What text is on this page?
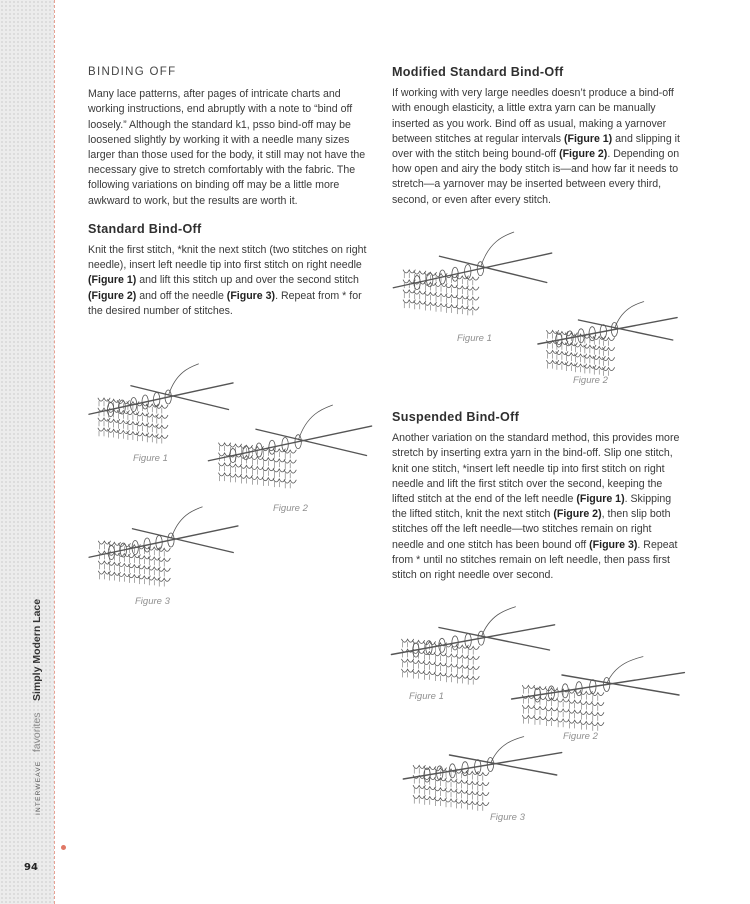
INTERWEAVE favorites Simply Modern Lace
94
BINDING OFF

Many lace patterns, after pages of intricate charts and working instructions, end abruptly with a note to “bind off loosely.” Although the standard k1, psso bind-off may be loosened slightly by working it with a needle many sizes larger than those used for the body, it still may not have the necessary give to stretch comfortably with the fabric. The following variations on binding off may be a little more awkward to work, but the results are worth it.

Standard Bind-Off

Knit the first stitch, *knit the next stitch (two stitches on right needle), insert left needle tip into first stitch on right needle (Figure 1) and lift this stitch up and over the second stitch (Figure 2) and off the needle (Figure 3). Repeat from * for the desired number of stitches.

Modified Standard Bind-Off

If working with very large needles doesn’t produce a bind-off with enough elasticity, a little extra yarn can be manually inserted as you work. Bind off as usual, making a yarnover between stitches at regular intervals (Figure 1) and slipping it over with the stitch being bound-off (Figure 2). Depending on how open and airy the body stitch is—and how far it needs to stretch—a yarnover may be inserted between every third, second, or even after every stitch.

Suspended Bind-Off

Another variation on the standard method, this provides more stretch by inserting extra yarn in the bind-off. Slip one stitch, knit one stitch, *insert left needle tip into first stitch on right needle and lift the first stitch over the second, keeping the lifted stitch at the end of the left needle (Figure 1). Skipping the lifted stitch, knit the next stitch (Figure 2), then slip both stitches off the left needle—two stitches remain on right needle and one stitch has been bound off (Figure 3). Repeat from * until no stitches remain on left needle, then pass first stitch on right needle over second.

Figure 1
Figure 2
Figure 3
Figure 1
Figure 2
Figure 1
Figure 2
Figure 3
